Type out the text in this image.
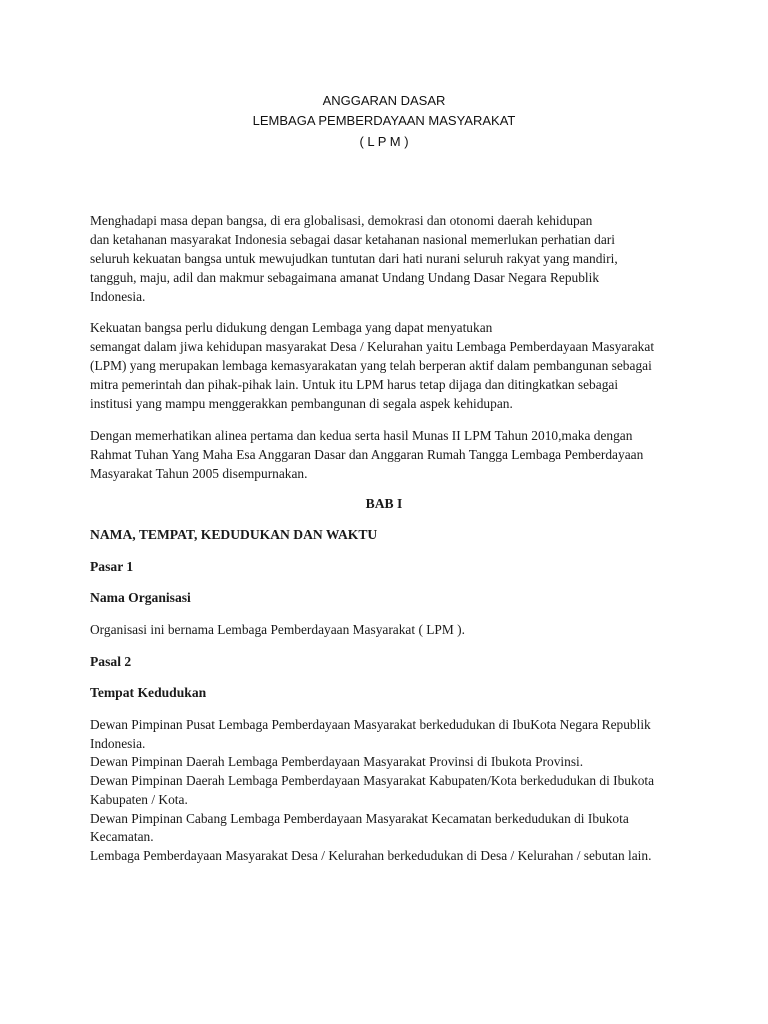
ANGGARAN DASAR
LEMBAGA PEMBERDAYAAN MASYARAKAT
( L P M )
Menghadapi masa depan bangsa, di era globalisasi, demokrasi dan otonomi daerah kehidupan
dan ketahanan masyarakat Indonesia sebagai dasar ketahanan nasional memerlukan perhatian dari
seluruh kekuatan bangsa untuk mewujudkan tuntutan dari hati nurani seluruh rakyat yang mandiri,
tangguh, maju, adil dan makmur sebagaimana amanat Undang Undang Dasar Negara Republik
Indonesia.
Kekuatan bangsa perlu didukung dengan Lembaga yang dapat menyatukan
semangat dalam jiwa kehidupan masyarakat Desa / Kelurahan yaitu Lembaga Pemberdayaan Masyarakat
(LPM) yang merupakan lembaga kemasyarakatan yang telah berperan aktif dalam pembangunan sebagai
mitra pemerintah dan pihak-pihak lain. Untuk itu LPM harus tetap dijaga dan ditingkatkan sebagai
institusi yang mampu menggerakkan pembangunan di segala aspek kehidupan.
Dengan memerhatikan alinea pertama dan kedua serta hasil Munas II LPM Tahun 2010,maka dengan
Rahmat Tuhan Yang Maha Esa Anggaran Dasar dan Anggaran Rumah Tangga Lembaga Pemberdayaan
Masyarakat Tahun 2005 disempurnakan.
BAB I
NAMA, TEMPAT, KEDUDUKAN DAN WAKTU
Pasar 1
Nama Organisasi
Organisasi ini bernama Lembaga Pemberdayaan Masyarakat ( LPM ).
Pasal 2
Tempat Kedudukan
Dewan Pimpinan Pusat Lembaga Pemberdayaan Masyarakat berkedudukan di IbuKota Negara Republik
Indonesia.
Dewan Pimpinan Daerah Lembaga Pemberdayaan Masyarakat Provinsi di Ibukota Provinsi.
Dewan Pimpinan Daerah Lembaga Pemberdayaan Masyarakat Kabupaten/Kota berkedudukan di Ibukota
Kabupaten / Kota.
Dewan Pimpinan Cabang Lembaga Pemberdayaan Masyarakat Kecamatan berkedudukan di Ibukota
Kecamatan.
Lembaga Pemberdayaan Masyarakat Desa / Kelurahan berkedudukan di Desa / Kelurahan / sebutan lain.
